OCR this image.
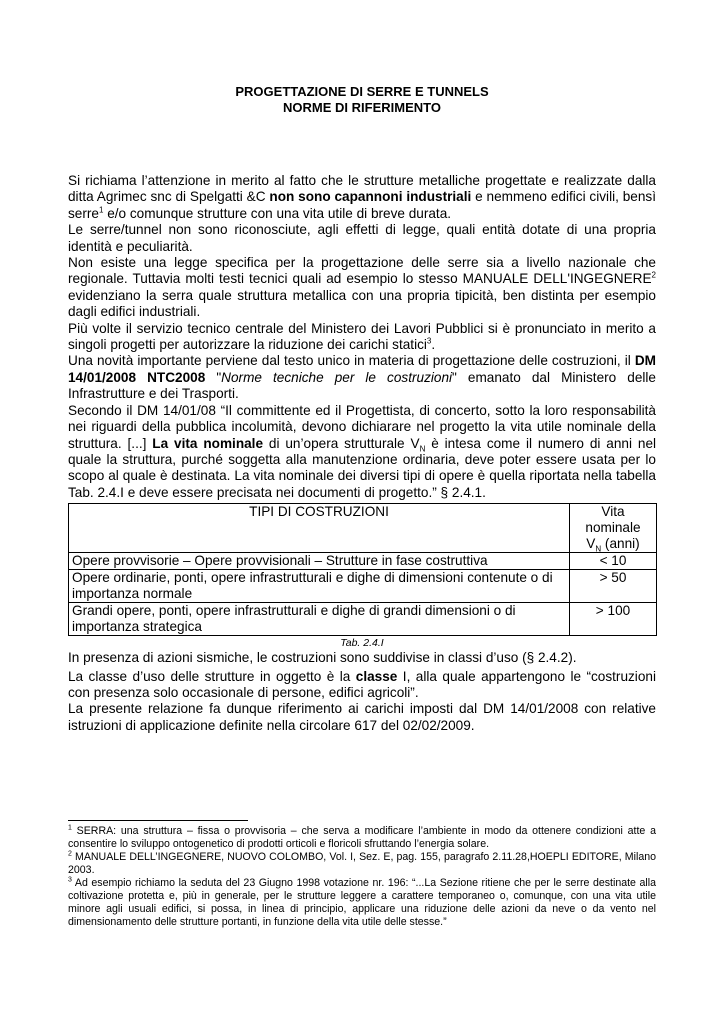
PROGETTAZIONE DI SERRE E TUNNELS
NORME DI RIFERIMENTO

Si richiama l’attenzione in merito al fatto che le strutture metalliche progettate e realizzate dalla ditta Agrimec snc di Spelgatti &C non sono capannoni industriali e nemmeno edifici civili, bensì serre$^1$ e/o comunque strutture con una vita utile di breve durata.

Le serre/tunnel non sono riconosciute, agli effetti di legge, quali entità dotate di una propria identità e peculiarità.

Non esiste una legge specifica per la progettazione delle serre sia a livello nazionale che regionale. Tuttavia molti testi tecnici quali ad esempio lo stesso MANUALE DELL'INGEGNERE$^2$ evidenziano la serra quale struttura metallica con una propria tipicità, ben distinta per esempio dagli edifici industriali.

Più volte il servizio tecnico centrale del Ministero dei Lavori Pubblici si è pronunciato in merito a singoli progetti per autorizzare la riduzione dei carichi statici$^3$.

Una novità importante perviene dal testo unico in materia di progettazione delle costruzioni, il DM 14/01/2008 NTC2008 "Norme tecniche per le costruzioni" emanato dal Ministero delle Infrastrutture e dei Trasporti.

Secondo il DM 14/01/08 “Il committente ed il Progettista, di concerto, sotto la loro responsabilità nei riguardi della pubblica incolumità, devono dichiarare nel progetto la vita utile nominale della struttura. [...] La vita nominale di un’opera strutturale $V_N$ è intesa come il numero di anni nel quale la struttura, purché soggetta alla manutenzione ordinaria, deve poter essere usata per lo scopo al quale è destinata. La vita nominale dei diversi tipi di opere è quella riportata nella tabella Tab. 2.4.I e deve essere precisata nei documenti di progetto.” § 2.4.1.

TIPI DI COSTRUZIONI	Vita
nominale
$V_N$ (anni)

Opere provvisorie – Opere provvisionali – Strutture in fase costruttiva	< 10
Opere ordinarie, ponti, opere infrastrutturali e dighe di dimensioni contenute o di importanza normale	> 50
Grandi opere, ponti, opere infrastrutturali e dighe di grandi dimensioni o di importanza strategica	> 100
Tab. 2.4.I

In presenza di azioni sismiche, le costruzioni sono suddivise in classi d’uso (§ 2.4.2).

La classe d’uso delle strutture in oggetto è la classe I, alla quale appartengono le “costruzioni con presenza solo occasionale di persone, edifici agricoli”.

La presente relazione fa dunque riferimento ai carichi imposti dal DM 14/01/2008 con relative istruzioni di applicazione definite nella circolare 617 del 02/02/2009.

$^1$ SERRA: una struttura – fissa o provvisoria – che serva a modificare l’ambiente in modo da ottenere condizioni atte a consentire lo sviluppo ontogenetico di prodotti orticoli e floricoli sfruttando l’energia solare.

$^2$ MANUALE DELL’INGEGNERE, NUOVO COLOMBO, Vol. I, Sez. E, pag. 155, paragrafo 2.11.28,HOEPLI EDITORE, Milano 2003.

$^3$ Ad esempio richiamo la seduta del 23 Giugno 1998 votazione nr. 196: “...La Sezione ritiene che per le serre destinate alla coltivazione protetta e, più in generale, per le strutture leggere a carattere temporaneo o, comunque, con una vita utile minore agli usuali edifici, si possa, in linea di principio, applicare una riduzione delle azioni da neve o da vento nel dimensionamento delle strutture portanti, in funzione della vita utile delle stesse.”
